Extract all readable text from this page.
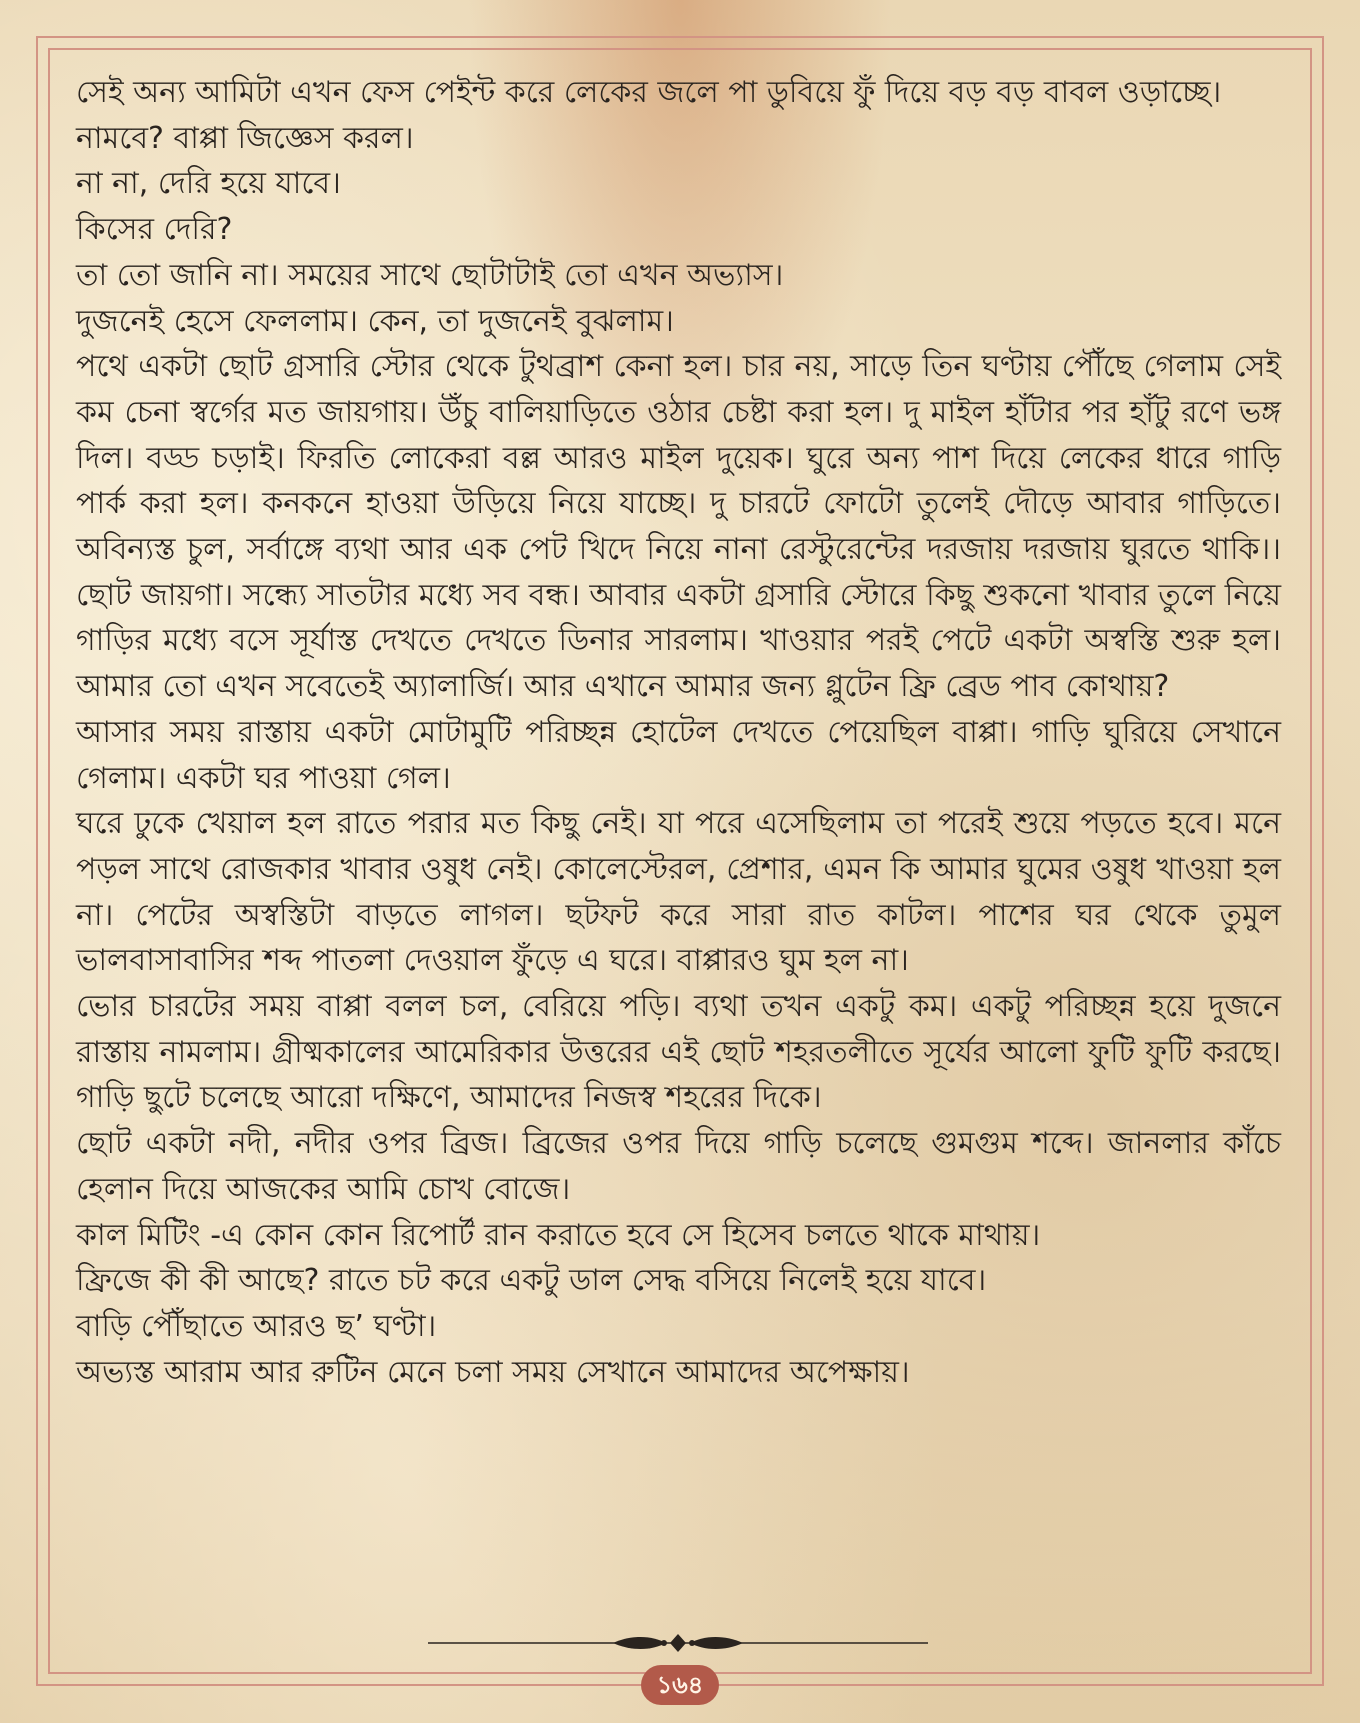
সেই অন্য আমিটা এখন ফেস পেইন্ট করে লেকের জলে পা ডুবিয়ে ফুঁ দিয়ে বড় বড় বাবল ওড়াচ্ছে।

নামবে? বাপ্পা জিজ্ঞেস করল।

না না, দেরি হয়ে যাবে।

কিসের দেরি?

তা তো জানি না। সময়ের সাথে ছোটাটাই তো এখন অভ্যাস।

দুজনেই হেসে ফেললাম। কেন, তা দুজনেই বুঝলাম।

পথে একটা ছোট গ্রসারি স্টোর থেকে টুথব্রাশ কেনা হল। চার নয়, সাড়ে তিন ঘণ্টায় পৌঁছে গেলাম সেই কম চেনা স্বর্গের মত জায়গায়। উঁচু বালিয়াড়িতে ওঠার চেষ্টা করা হল। দু মাইল হাঁটার পর হাঁটু রণে ভঙ্গ দিল। বড্ড চড়াই। ফিরতি লোকেরা বল্ল আরও মাইল দুয়েক। ঘুরে অন্য পাশ দিয়ে লেকের ধারে গাড়ি পার্ক করা হল। কনকনে হাওয়া উড়িয়ে নিয়ে যাচ্ছে। দু চারটে ফোটো তুলেই দৌড়ে আবার গাড়িতে। অবিন্যস্ত চুল, সর্বাঙ্গে ব্যথা আর এক পেট খিদে নিয়ে নানা রেস্টুরেন্টের দরজায় দরজায় ঘুরতে থাকি।। ছোট জায়গা। সন্ধ্যে সাতটার মধ্যে সব বন্ধ। আবার একটা গ্রসারি স্টোরে কিছু শুকনো খাবার তুলে নিয়ে গাড়ির মধ্যে বসে সূর্যাস্ত দেখতে দেখতে ডিনার সারলাম। খাওয়ার পরই পেটে একটা অস্বস্তি শুরু হল। আমার তো এখন সবেতেই অ্যালার্জি। আর এখানে আমার জন্য গ্লুটেন ফ্রি ব্রেড পাব কোথায়?

আসার সময় রাস্তায় একটা মোটামুটি পরিচ্ছন্ন হোটেল দেখতে পেয়েছিল বাপ্পা। গাড়ি ঘুরিয়ে সেখানে গেলাম। একটা ঘর পাওয়া গেল।

ঘরে ঢুকে খেয়াল হল রাতে পরার মত কিছু নেই। যা পরে এসেছিলাম তা পরেই শুয়ে পড়তে হবে। মনে পড়ল সাথে রোজকার খাবার ওষুধ নেই। কোলেস্টেরল, প্রেশার, এমন কি আমার ঘুমের ওষুধ খাওয়া হল না। পেটের অস্বস্তিটা বাড়তে লাগল। ছটফট করে সারা রাত কাটল। পাশের ঘর থেকে তুমুল ভালবাসাবাসির শব্দ পাতলা দেওয়াল ফুঁড়ে এ ঘরে। বাপ্পারও ঘুম হল না।

ভোর চারটের সময় বাপ্পা বলল চল, বেরিয়ে পড়ি। ব্যথা তখন একটু কম। একটু পরিচ্ছন্ন হয়ে দুজনে রাস্তায় নামলাম। গ্রীষ্মকালের আমেরিকার উত্তরের এই ছোট শহরতলীতে সূর্যের আলো ফুটি ফুটি করছে। গাড়ি ছুটে চলেছে আরো দক্ষিণে, আমাদের নিজস্ব শহরের দিকে।

ছোট একটা নদী, নদীর ওপর ব্রিজ। ব্রিজের ওপর দিয়ে গাড়ি চলেছে গুমগুম শব্দে। জানলার কাঁচে হেলান দিয়ে আজকের আমি চোখ বোজে।

কাল মিটিং -এ কোন কোন রিপোর্ট রান করাতে হবে সে হিসেব চলতে থাকে মাথায়।

ফ্রিজে কী কী আছে? রাতে চট করে একটু ডাল সেদ্ধ বসিয়ে নিলেই হয়ে যাবে।

বাড়ি পৌঁছাতে আরও ছ’ ঘণ্টা।

অভ্যস্ত আরাম আর রুটিন মেনে চলা সময় সেখানে আমাদের অপেক্ষায়।

১৬৪
